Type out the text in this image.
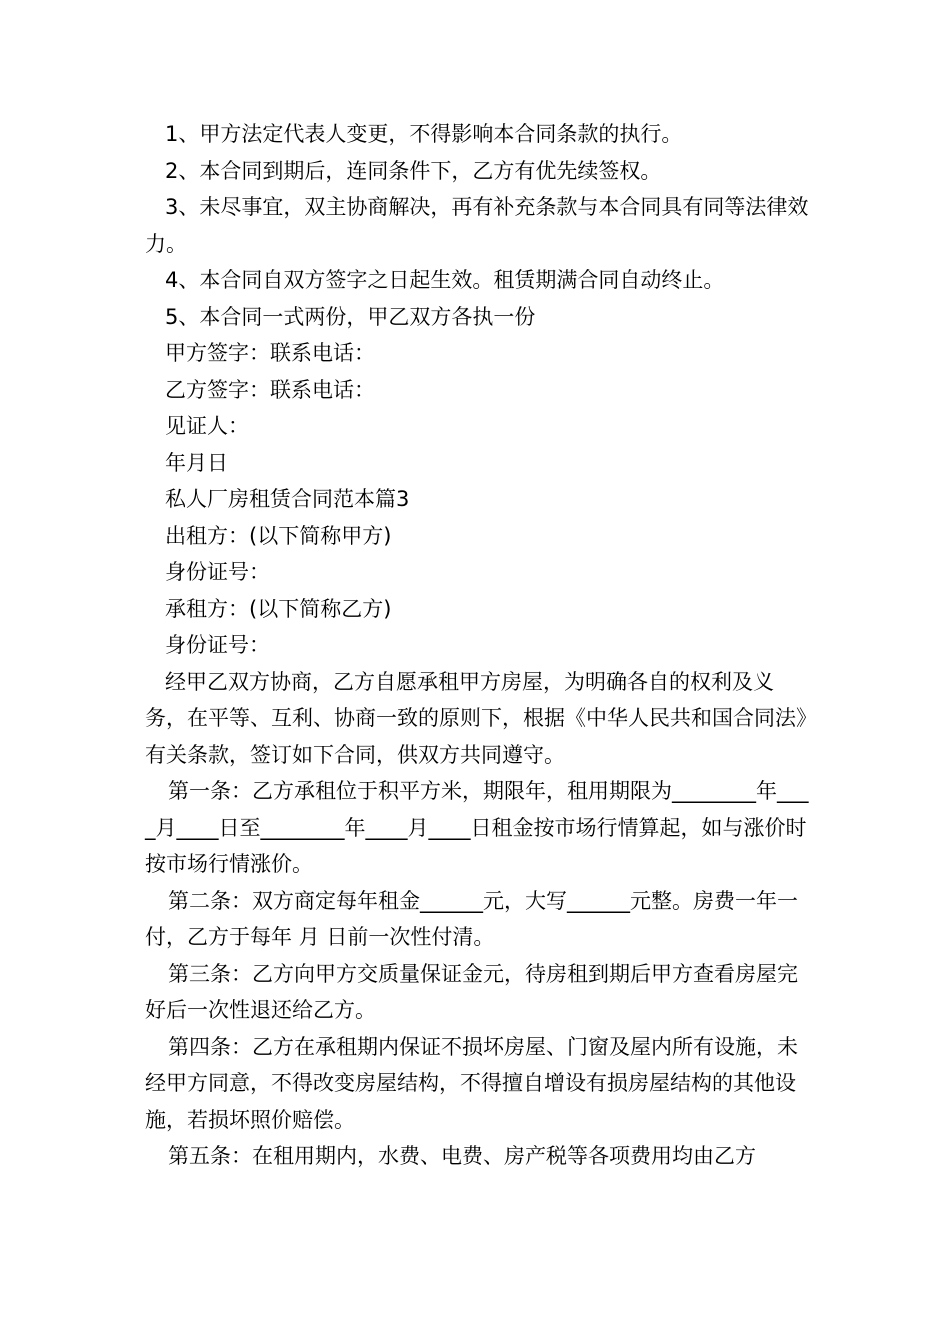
1、甲方法定代表人变更，不得影响本合同条款的执行。

2、本合同到期后，连同条件下，乙方有优先续签权。

3、未尽事宜，双主协商解决，再有补充条款与本合同具有同等法律效力。

4、本合同自双方签字之日起生效。租赁期满合同自动终止。

5、本合同一式两份，甲乙双方各执一份

甲方签字：联系电话：

乙方签字：联系电话：

见证人：

年月日

私人厂房租赁合同范本篇3

出租方：(以下简称甲方)

身份证号：

承租方：(以下简称乙方)

身份证号：

经甲乙双方协商，乙方自愿承租甲方房屋，为明确各自的权利及义务，在平等、互利、协商一致的原则下，根据《中华人民共和国合同法》有关条款，签订如下合同，供双方共同遵守。

第一条：乙方承租位于积平方米，期限年，租用期限为________年____月____日至________年____月____日租金按市场行情算起，如与涨价时按市场行情涨价。

第二条：双方商定每年租金______元，大写______元整。房费一年一付，乙方于每年 月 日前一次性付清。

第三条：乙方向甲方交质量保证金元，待房租到期后甲方查看房屋完好后一次性退还给乙方。

第四条：乙方在承租期内保证不损坏房屋、门窗及屋内所有设施，未经甲方同意，不得改变房屋结构，不得擅自增设有损房屋结构的其他设施，若损坏照价赔偿。

第五条：在租用期内，水费、电费、房产税等各项费用均由乙方
